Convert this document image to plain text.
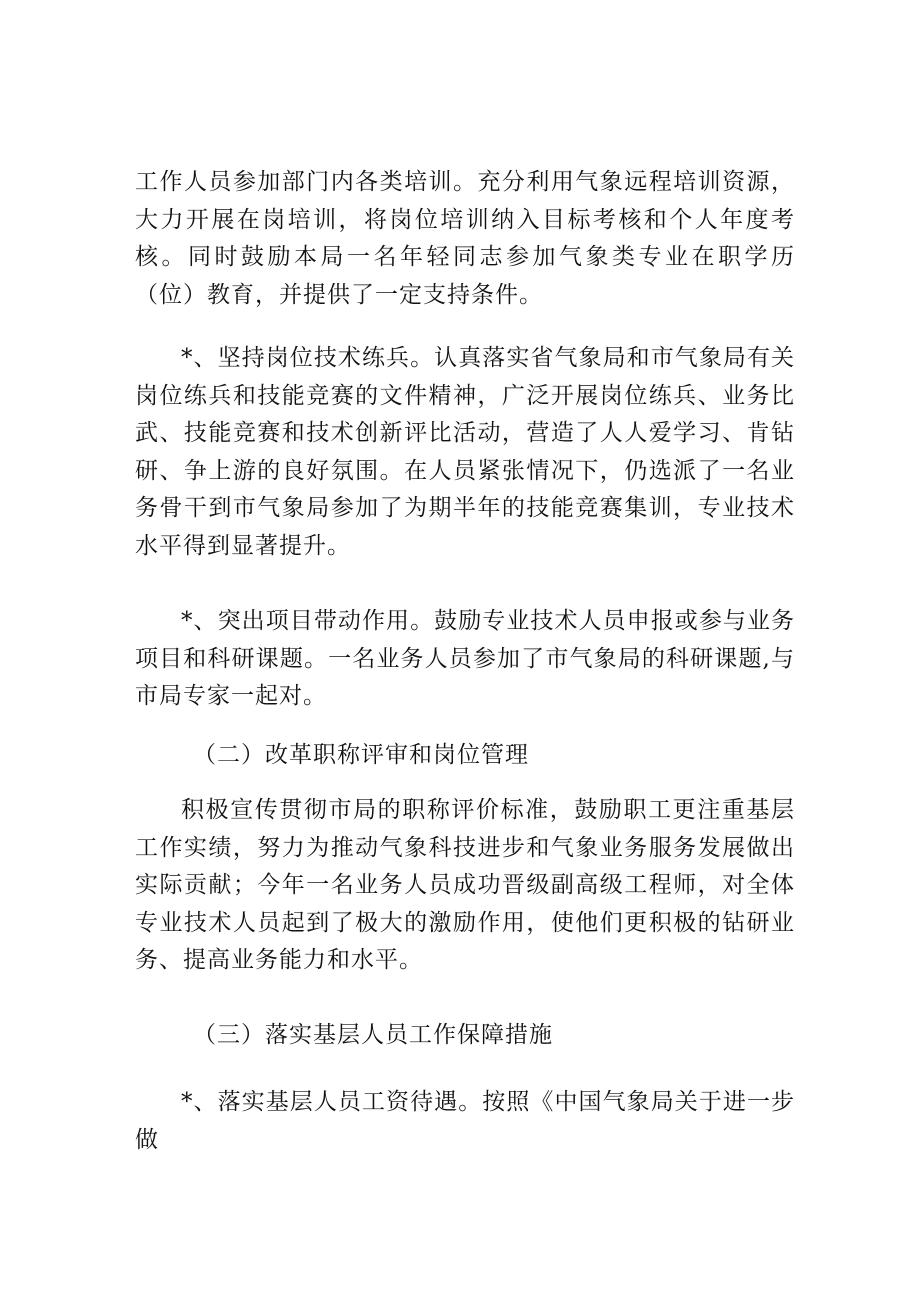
工作人员参加部门内各类培训。充分利用气象远程培训资源，大力开展在岗培训，将岗位培训纳入目标考核和个人年度考核。同时鼓励本局一名年轻同志参加气象类专业在职学历（位）教育，并提供了一定支持条件。

*、坚持岗位技术练兵。认真落实省气象局和市气象局有关岗位练兵和技能竞赛的文件精神，广泛开展岗位练兵、业务比武、技能竞赛和技术创新评比活动，营造了人人爱学习、肯钻研、争上游的良好氛围。在人员紧张情况下，仍选派了一名业务骨干到市气象局参加了为期半年的技能竞赛集训，专业技术水平得到显著提升。

*、突出项目带动作用。鼓励专业技术人员申报或参与业务项目和科研课题。一名业务人员参加了市气象局的科研课题,与市局专家一起对。

（二）改革职称评审和岗位管理

积极宣传贯彻市局的职称评价标准，鼓励职工更注重基层工作实绩，努力为推动气象科技进步和气象业务服务发展做出实际贡献；今年一名业务人员成功晋级副高级工程师，对全体专业技术人员起到了极大的激励作用，使他们更积极的钻研业务、提高业务能力和水平。

（三）落实基层人员工作保障措施

*、落实基层人员工资待遇。按照《中国气象局关于进一步做
